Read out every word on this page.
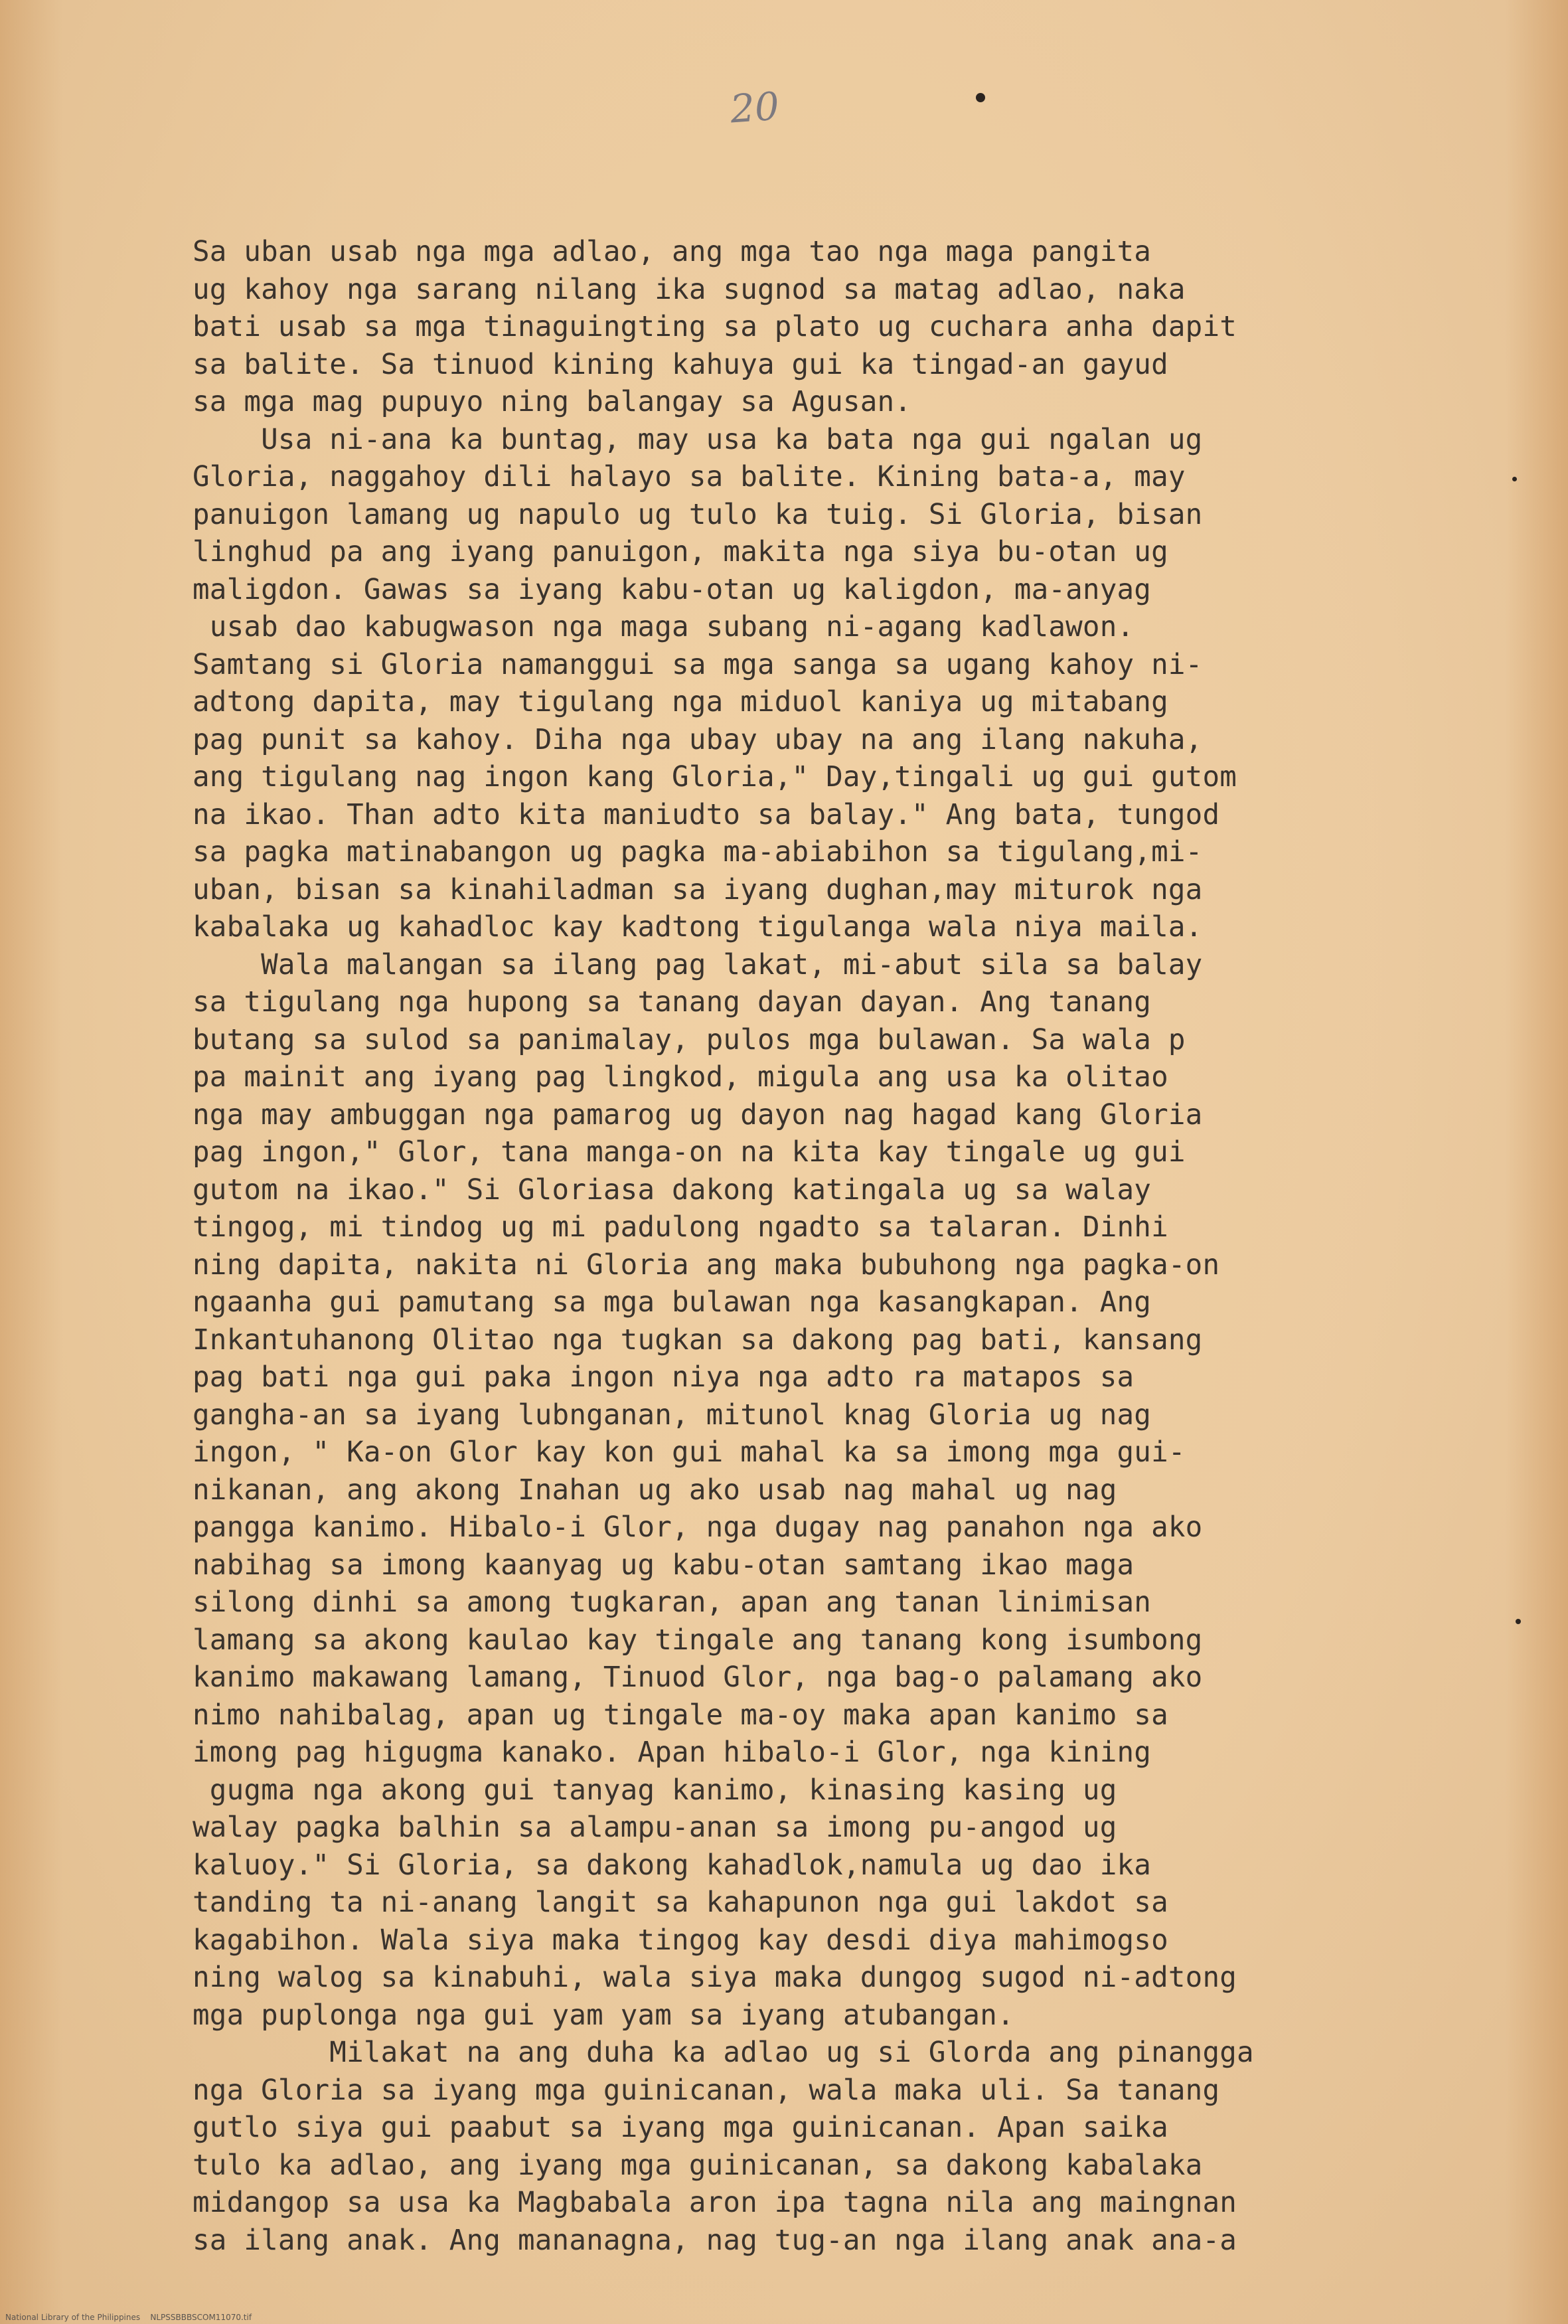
20
Sa uban usab nga mga adlao, ang mga tao nga maga pangita
ug kahoy nga sarang nilang ika sugnod sa matag adlao, naka
bati usab sa mga tinaguingting sa plato ug cuchara anha dapit
sa balite. Sa tinuod kining kahuya gui ka tingad-an gayud
sa mga mag pupuyo ning balangay sa Agusan.
Usa ni-ana ka buntag, may usa ka bata nga gui ngalan ug
Gloria, naggahoy dili halayo sa balite. Kining bata-a, may
panuigon lamang ug napulo ug tulo ka tuig. Si Gloria, bisan
linghud pa ang iyang panuigon, makita nga siya bu-otan ug
maligdon. Gawas sa iyang kabu-otan ug kaligdon, ma-anyag
usab dao kabugwason nga maga subang ni-agang kadlawon.
Samtang si Gloria namanggui sa mga sanga sa ugang kahoy ni-
adtong dapita, may tigulang nga miduol kaniya ug mitabang
pag punit sa kahoy. Diha nga ubay ubay na ang ilang nakuha,
ang tigulang nag ingon kang Gloria," Day,tingali ug gui gutom
na ikao. Than adto kita maniudto sa balay." Ang bata, tungod
sa pagka matinabangon ug pagka ma-abiabihon sa tigulang,mi-
uban, bisan sa kinahiladman sa iyang dughan,may miturok nga
kabalaka ug kahadloc kay kadtong tigulanga wala niya maila.
Wala malangan sa ilang pag lakat, mi-abut sila sa balay
sa tigulang nga hupong sa tanang dayan dayan. Ang tanang
butang sa sulod sa panimalay, pulos mga bulawan. Sa wala p
pa mainit ang iyang pag lingkod, migula ang usa ka olitao
nga may ambuggan nga pamarog ug dayon nag hagad kang Gloria
pag ingon," Glor, tana manga-on na kita kay tingale ug gui
gutom na ikao." Si Gloriasa dakong katingala ug sa walay
tingog, mi tindog ug mi padulong ngadto sa talaran. Dinhi
ning dapita, nakita ni Gloria ang maka bubuhong nga pagka-on
ngaanha gui pamutang sa mga bulawan nga kasangkapan. Ang
Inkantuhanong Olitao nga tugkan sa dakong pag bati, kansang
pag bati nga gui paka ingon niya nga adto ra matapos sa
gangha-an sa iyang lubnganan, mitunol knag Gloria ug nag
ingon, " Ka-on Glor kay kon gui mahal ka sa imong mga gui-
nikanan, ang akong Inahan ug ako usab nag mahal ug nag
pangga kanimo. Hibalo-i Glor, nga dugay nag panahon nga ako
nabihag sa imong kaanyag ug kabu-otan samtang ikao maga
silong dinhi sa among tugkaran, apan ang tanan linimisan
lamang sa akong kaulao kay tingale ang tanang kong isumbong
kanimo makawang lamang, Tinuod Glor, nga bag-o palamang ako
nimo nahibalag, apan ug tingale ma-oy maka apan kanimo sa
imong pag higugma kanako. Apan hibalo-i Glor, nga kining
gugma nga akong gui tanyag kanimo, kinasing kasing ug
walay pagka balhin sa alampu-anan sa imong pu-angod ug
kaluoy." Si Gloria, sa dakong kahadlok,namula ug dao ika
tanding ta ni-anang langit sa kahapunon nga gui lakdot sa
kagabihon. Wala siya maka tingog kay desdi diya mahimogso
ning walog sa kinabuhi, wala siya maka dungog sugod ni-adtong
mga puplonga nga gui yam yam sa iyang atubangan.
Milakat na ang duha ka adlao ug si Glorda ang pinangga
nga Gloria sa iyang mga guinicanan, wala maka uli. Sa tanang
gutlo siya gui paabut sa iyang mga guinicanan. Apan saika
tulo ka adlao, ang iyang mga guinicanan, sa dakong kabalaka
midangop sa usa ka Magbabala aron ipa tagna nila ang maingnan
sa ilang anak. Ang mananagna, nag tug-an nga ilang anak ana-a
National Library of the Philippines    NLPSSBBBSCOM11070.tif
